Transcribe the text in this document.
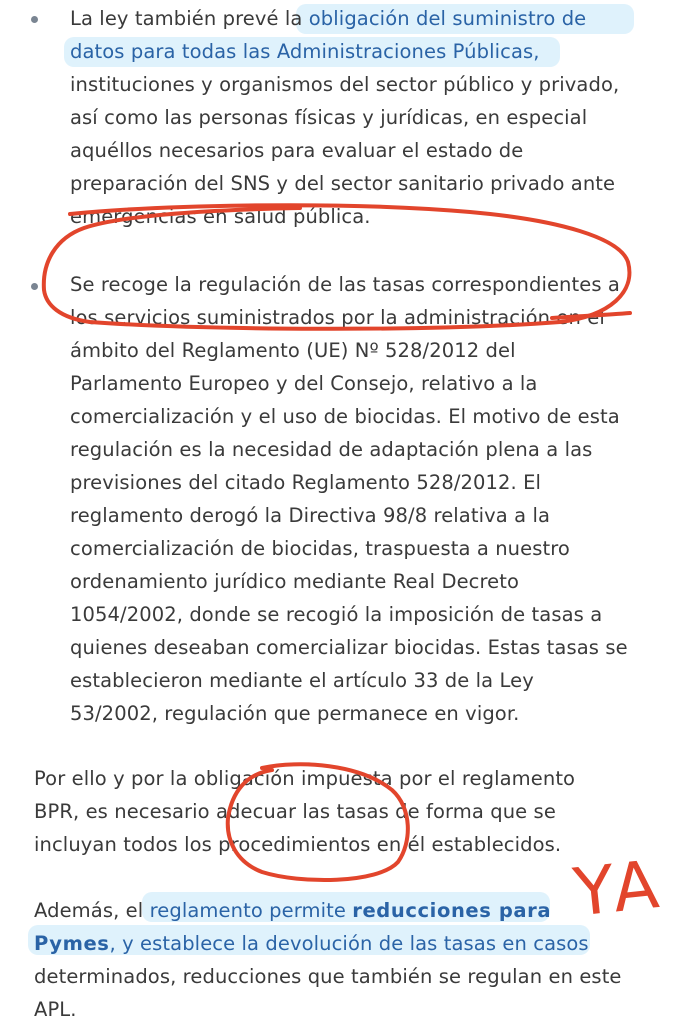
La ley también prevé la obligación del suministro de
datos para todas las Administraciones Públicas,
instituciones y organismos del sector público y privado,
así como las personas físicas y jurídicas, en especial
aquéllos necesarios para evaluar el estado de
preparación del SNS y del sector sanitario privado ante
emergencias en salud pública.

Se recoge la regulación de las tasas correspondientes a
los servicios suministrados por la administración en el
ámbito del Reglamento (UE) Nº 528/2012 del
Parlamento Europeo y del Consejo, relativo a la
comercialización y el uso de biocidas. El motivo de esta
regulación es la necesidad de adaptación plena a las
previsiones del citado Reglamento 528/2012. El
reglamento derogó la Directiva 98/8 relativa a la
comercialización de biocidas, traspuesta a nuestro
ordenamiento jurídico mediante Real Decreto
1054/2002, donde se recogió la imposición de tasas a
quienes deseaban comercializar biocidas. Estas tasas se
establecieron mediante el artículo 33 de la Ley
53/2002, regulación que permanece en vigor.

Por ello y por la obligación impuesta por el reglamento
BPR, es necesario adecuar las tasas de forma que se
incluyan todos los procedimientos en él establecidos.

Además, el reglamento permite reducciones para
Pymes, y establece la devolución de las tasas en casos
determinados, reducciones que también se regulan en este
APL.

YA
